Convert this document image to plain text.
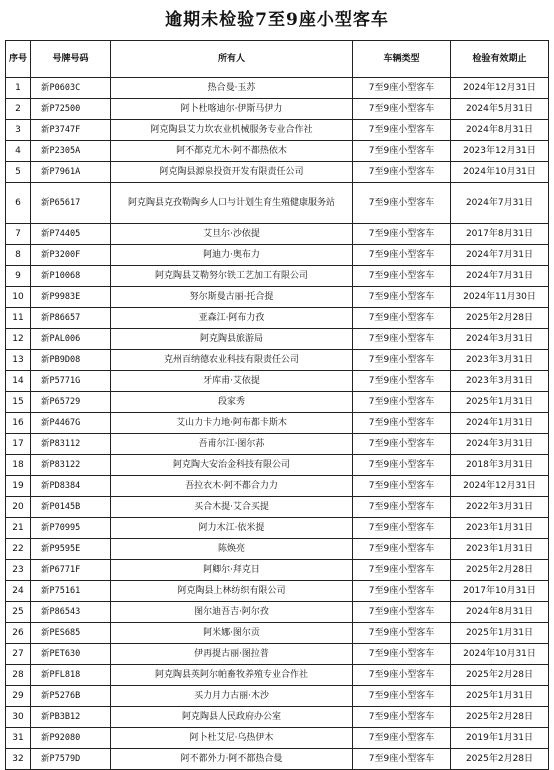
逾期未检验7至9座小型客车
序号	号牌号码	所有人	车辆类型	检验有效期止
1	新P0603C	热合曼·玉苏	7至9座小型客车	2024年12月31日
2	新P72500	阿卜杜喀迪尔·伊斯马伊力	7至9座小型客车	2024年5月31日
3	新P3747F	阿克陶县艾力坎农业机械服务专业合作社	7至9座小型客车	2024年8月31日
4	新P2305A	阿不都克尤木·阿不都热依木	7至9座小型客车	2023年12月31日
5	新P7961A	阿克陶县源泉投资开发有限责任公司	7至9座小型客车	2024年10月31日
6	新P65617	阿克陶县克孜勒陶乡人口与计划生育生殖健康服务站	7至9座小型客车	2024年7月31日
7	新P74405	艾旦尔·沙依提	7至9座小型客车	2017年8月31日
8	新P3200F	阿迪力·奥布力	7至9座小型客车	2024年7月31日
9	新P10068	阿克陶县艾勒努尔铁工艺加工有限公司	7至9座小型客车	2024年7月31日
10	新P9983E	努尔斯曼古丽·托合提	7至9座小型客车	2024年11月30日
11	新P86657	亚森江·阿布力孜	7至9座小型客车	2025年2月28日
12	新PAL006	阿克陶县旅游局	7至9座小型客车	2024年3月31日
13	新PB9D08	克州百纳德农业科技有限责任公司	7至9座小型客车	2023年3月31日
14	新P5771G	牙库甫·艾依提	7至9座小型客车	2023年3月31日
15	新P65729	段家秀	7至9座小型客车	2025年1月31日
16	新P4467G	艾山力卡力地·阿布都卡斯木	7至9座小型客车	2024年1月31日
17	新P83112	吾甫尔江·图尔荪	7至9座小型客车	2024年3月31日
18	新P83122	阿克陶大安治金科技有限公司	7至9座小型客车	2018年3月31日
19	新PD8384	吾拉衣木·阿不都合力力	7至9座小型客车	2024年12月31日
20	新P0145B	买合木提·艾合买提	7至9座小型客车	2022年3月31日
21	新P70995	阿力木江·依米提	7至9座小型客车	2023年1月31日
22	新P9595E	陈焕亮	7至9座小型客车	2023年1月31日
23	新P6771F	阿卿尔·拜克日	7至9座小型客车	2025年2月28日
24	新P75161	阿克陶县上林纺织有限公司	7至9座小型客车	2017年10月31日
25	新P86543	图尔迪吾吉·阿尔孜	7至9座小型客车	2024年8月31日
26	新PES685	阿米娜·图尔贡	7至9座小型客车	2025年1月31日
27	新PET630	伊再提古丽·图拉普	7至9座小型客车	2024年10月31日
28	新PFL818	阿克陶县英阿尔帕畜牧养殖专业合作社	7至9座小型客车	2025年2月28日
29	新P5276B	买力月力古丽·木沙	7至9座小型客车	2025年1月31日
30	新PB3B12	阿克陶县人民政府办公室	7至9座小型客车	2025年2月28日
31	新P92080	阿卜杜艾尼·乌热伊木	7至9座小型客车	2019年1月31日
32	新P7579D	阿不都外力·阿不都热合曼	7至9座小型客车	2025年2月28日
